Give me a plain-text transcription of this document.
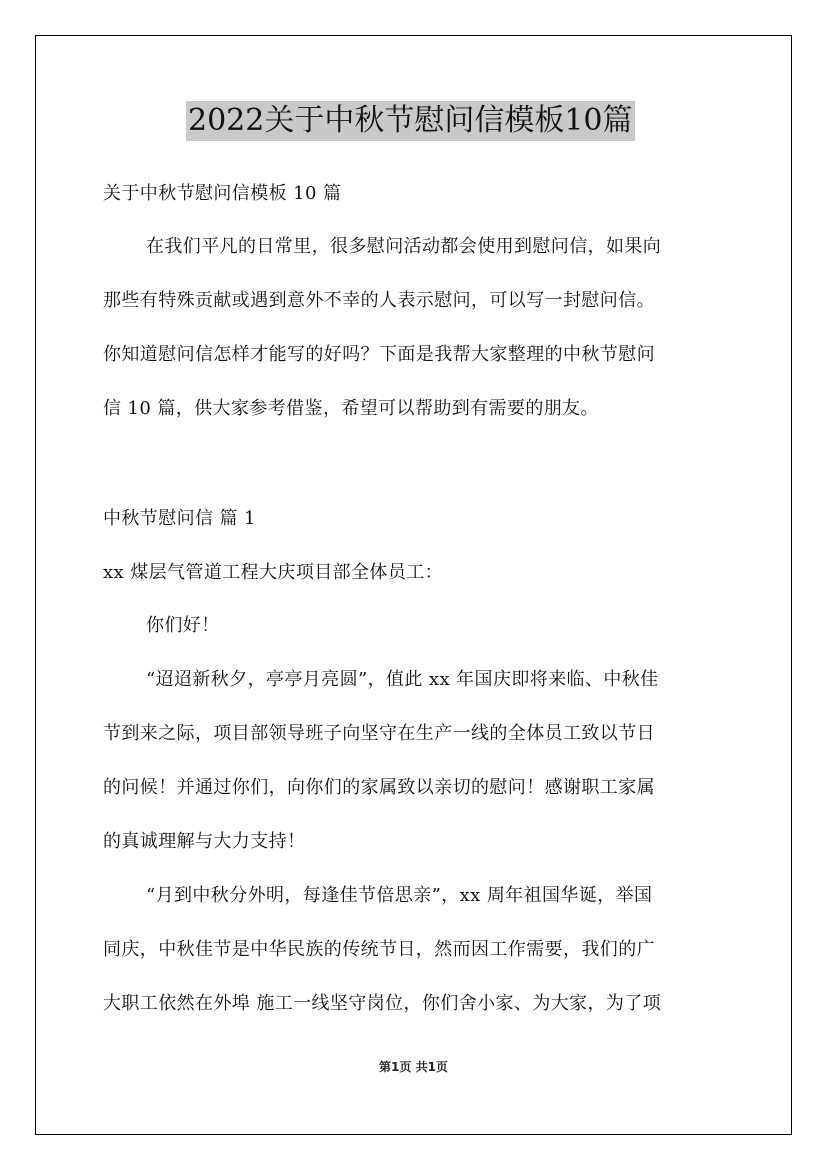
2022关于中秋节慰问信模板10篇
关于中秋节慰问信模板 10 篇
在我们平凡的日常里，很多慰问活动都会使用到慰问信，如果向
那些有特殊贡献或遇到意外不幸的人表示慰问，可以写一封慰问信。
你知道慰问信怎样才能写的好吗？下面是我帮大家整理的中秋节慰问
信 10 篇，供大家参考借鉴，希望可以帮助到有需要的朋友。
中秋节慰问信 篇 1
xx 煤层气管道工程大庆项目部全体员工：
你们好！
“迢迢新秋夕，亭亭月亮圆”，值此 xx 年国庆即将来临、中秋佳
节到来之际，项目部领导班子向坚守在生产一线的全体员工致以节日
的问候！并通过你们，向你们的家属致以亲切的慰问！感谢职工家属
的真诚理解与大力支持！
“月到中秋分外明，每逢佳节倍思亲”，xx 周年祖国华诞，举国
同庆，中秋佳节是中华民族的传统节日，然而因工作需要，我们的广
大职工依然在外埠 施工一线坚守岗位，你们舍小家、为大家，为了项
第1页 共1页
